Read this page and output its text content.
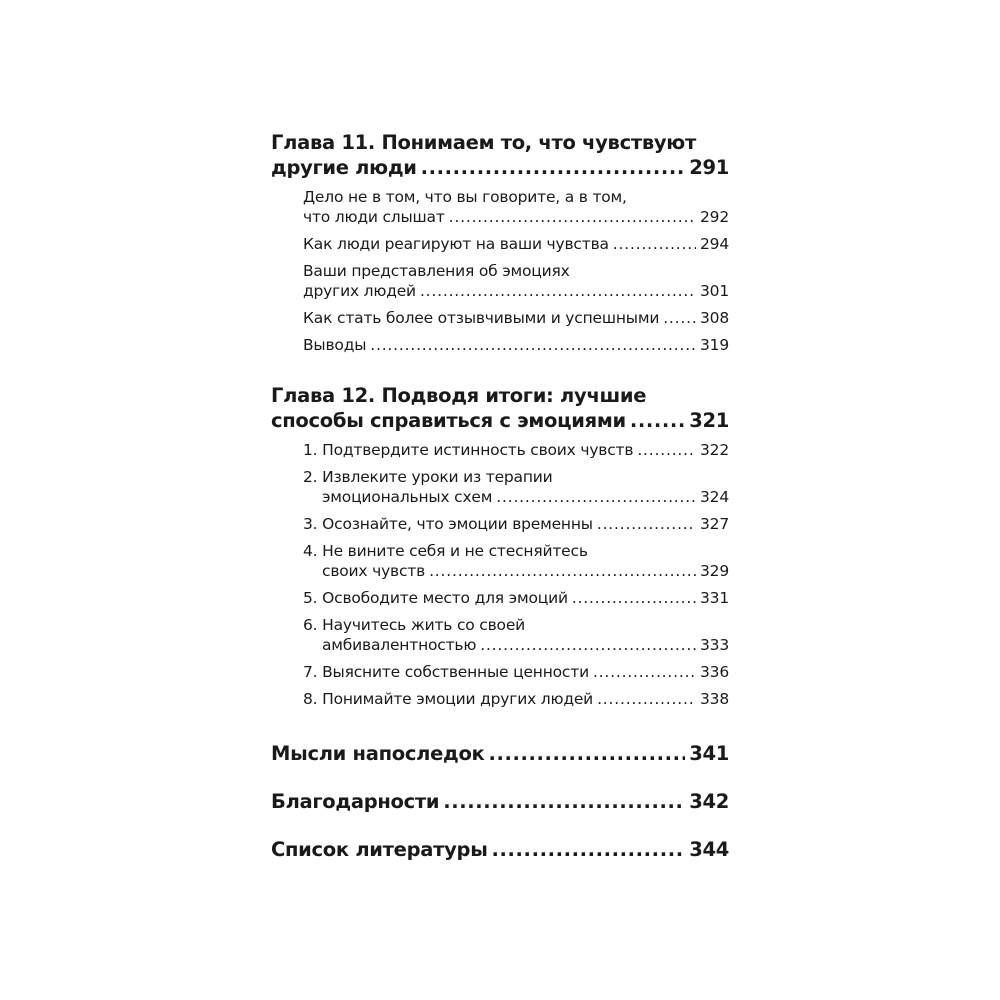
Глава 11. Понимаем то, что чувствуют
другие люди .....	291
Дело не в том, что вы говорите, а в том,
что люди слышат .....	292
Как люди реагируют на ваши чувства .....	294
Ваши представления об эмоциях
других людей .....	301
Как стать более отзывчивыми и успешными .....	308
Выводы .....	319
Глава 12. Подводя итоги: лучшие
способы справиться с эмоциями .....	321
1. Подтвердите истинность своих чувств .....	322
2. Извлеките уроки из терапии
эмоциональных схем .....	324
3. Осознайте, что эмоции временны .....	327
4. Не вините себя и не стесняйтесь
своих чувств .....	329
5. Освободите место для эмоций .....	331
6. Научитесь жить со своей
амбивалентностью .....	333
7. Выясните собственные ценности .....	336
8. Понимайте эмоции других людей .....	338
Мысли напоследок .....	341
Благодарности .....	342
Список литературы .....	344
